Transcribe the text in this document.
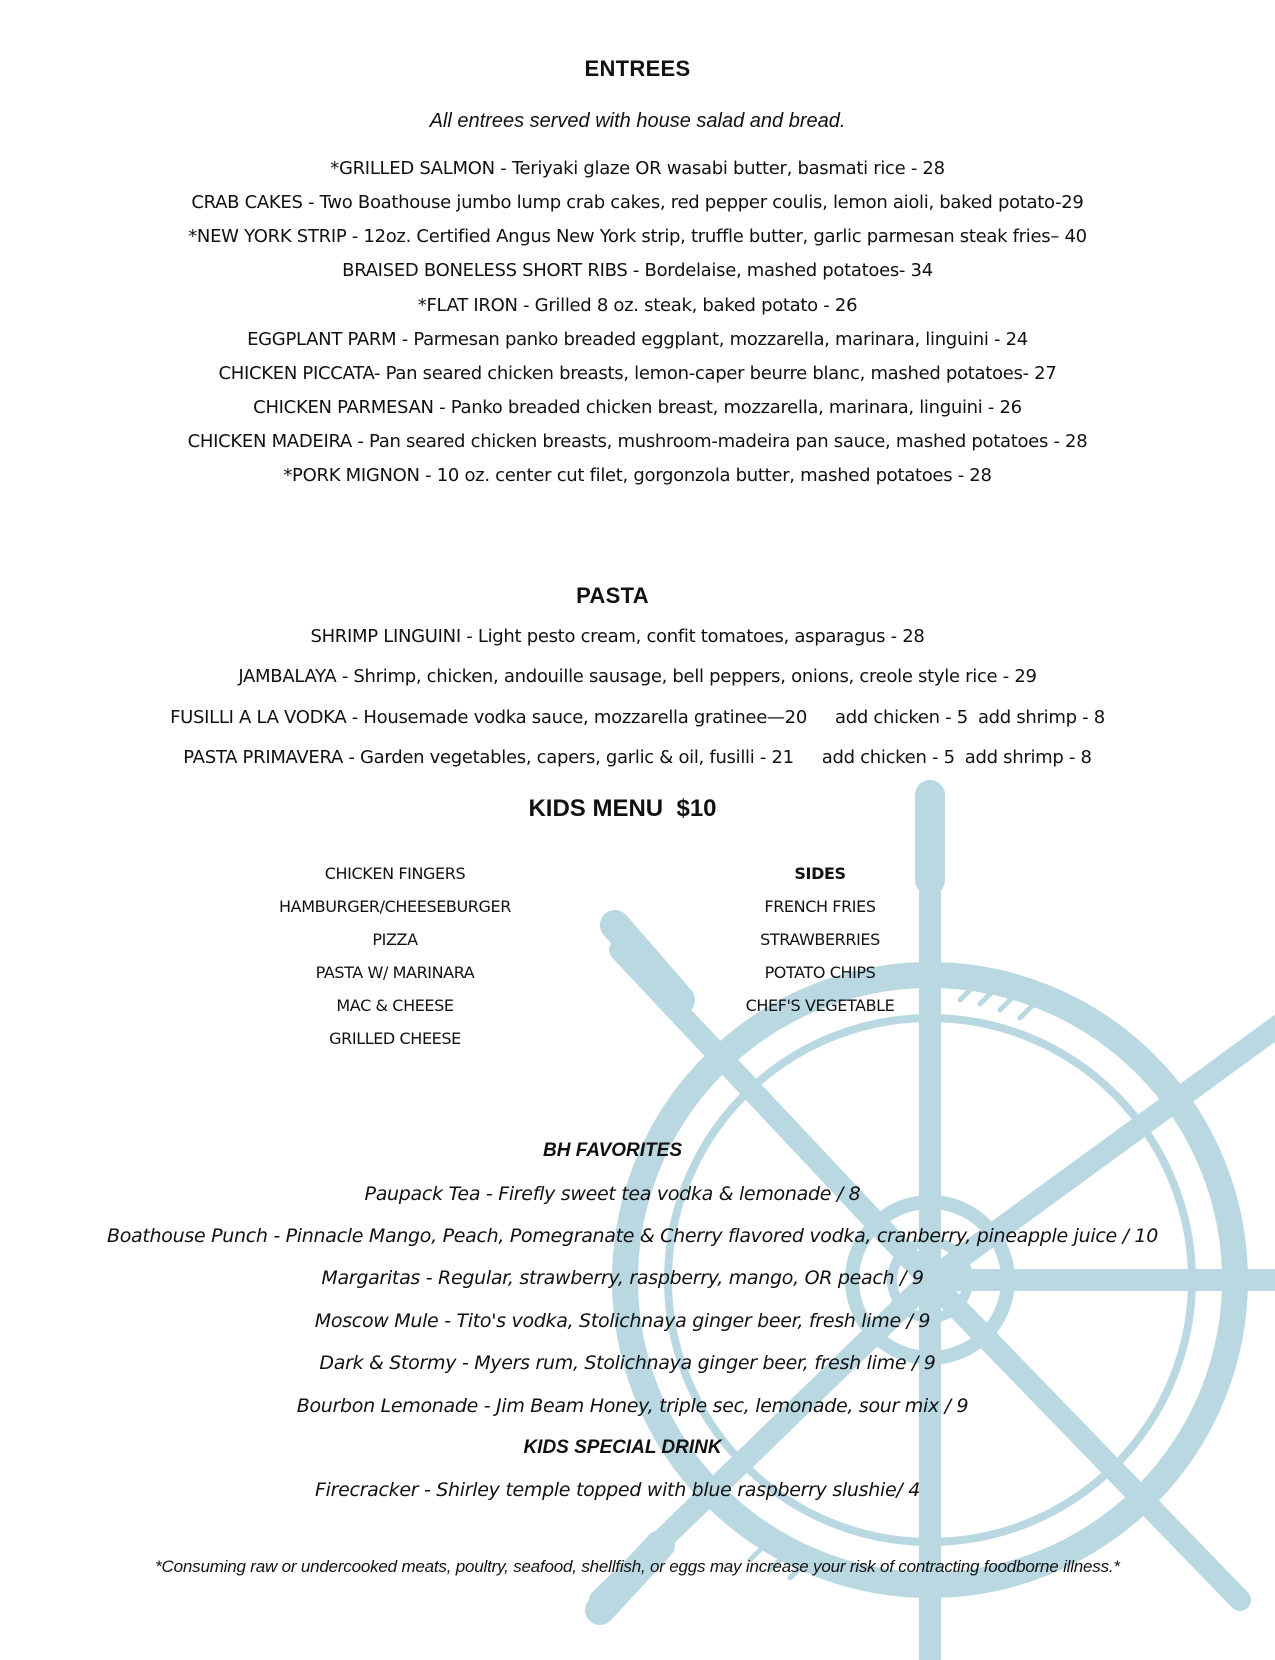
ENTREES
All entrees served with house salad and bread.
*GRILLED SALMON - Teriyaki glaze OR wasabi butter, basmati rice - 28
CRAB CAKES - Two Boathouse jumbo lump crab cakes, red pepper coulis, lemon aioli, baked potato-29
*NEW YORK STRIP - 12oz. Certified Angus New York strip, truffle butter, garlic parmesan steak fries– 40
BRAISED BONELESS SHORT RIBS - Bordelaise, mashed potatoes- 34
*FLAT IRON - Grilled 8 oz. steak, baked potato - 26
EGGPLANT PARM - Parmesan panko breaded eggplant, mozzarella, marinara, linguini - 24
CHICKEN PICCATA- Pan seared chicken breasts, lemon-caper beurre blanc, mashed potatoes- 27
CHICKEN PARMESAN - Panko breaded chicken breast, mozzarella, marinara, linguini - 26
CHICKEN MADEIRA - Pan seared chicken breasts, mushroom-madeira pan sauce, mashed potatoes - 28
*PORK MIGNON - 10 oz. center cut filet, gorgonzola butter, mashed potatoes - 28
PASTA
SHRIMP LINGUINI - Light pesto cream, confit tomatoes, asparagus - 28
JAMBALAYA - Shrimp, chicken, andouille sausage, bell peppers, onions, creole style rice - 29
FUSILLI A LA VODKA - Housemade vodka sauce, mozzarella gratinee—20 add chicken - 5 add shrimp - 8
PASTA PRIMAVERA - Garden vegetables, capers, garlic & oil, fusilli - 21 add chicken - 5 add shrimp - 8
KIDS MENU  $10
CHICKEN FINGERS
HAMBURGER/CHEESEBURGER
PIZZA
PASTA W/ MARINARA
MAC & CHEESE
GRILLED CHEESE
SIDES
FRENCH FRIES
STRAWBERRIES
POTATO CHIPS
CHEF'S VEGETABLE
BH FAVORITES
Paupack Tea - Firefly sweet tea vodka & lemonade / 8
Boathouse Punch - Pinnacle Mango, Peach, Pomegranate & Cherry flavored vodka, cranberry, pineapple juice / 10
Margaritas - Regular, strawberry, raspberry, mango, OR peach / 9
Moscow Mule - Tito's vodka, Stolichnaya ginger beer, fresh lime / 9
Dark & Stormy - Myers rum, Stolichnaya ginger beer, fresh lime / 9
Bourbon Lemonade - Jim Beam Honey, triple sec, lemonade, sour mix / 9
KIDS SPECIAL DRINK
Firecracker - Shirley temple topped with blue raspberry slushie/ 4
*Consuming raw or undercooked meats, poultry, seafood, shellfish, or eggs may increase your risk of contracting foodborne illness.*
